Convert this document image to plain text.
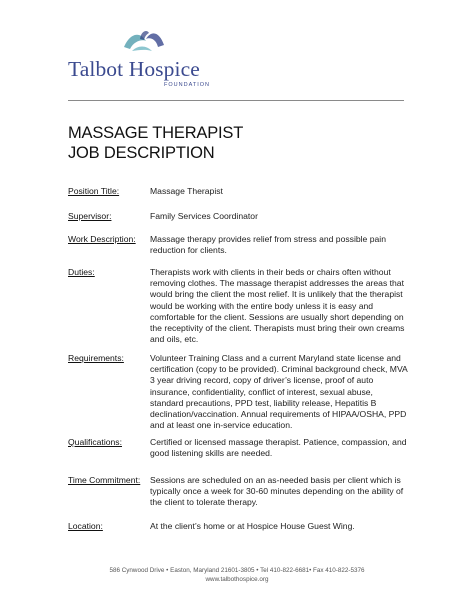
Talbot Hospice
FOUNDATION
MASSAGE THERAPIST
JOB DESCRIPTION
Position Title:	Massage Therapist
Supervisor:	Family Services Coordinator
Work Description:	Massage therapy provides relief from stress and possible pain reduction for clients.
Duties:	Therapists work with clients in their beds or chairs often without removing clothes. The massage therapist addresses the areas that would bring the client the most relief. It is unlikely that the therapist would be working with the entire body unless it is easy and comfortable for the client. Sessions are usually short depending on the receptivity of the client. Therapists must bring their own creams and oils, etc.
Requirements:	Volunteer Training Class and a current Maryland state license and certification (copy to be provided). Criminal background check, MVA 3 year driving record, copy of driver’s license, proof of auto insurance, confidentiality, conflict of interest, sexual abuse, standard precautions, PPD test, liability release, Hepatitis B declination/vaccination. Annual requirements of HIPAA/OSHA, PPD and at least one in-service education.
Qualifications:	Certified or licensed massage therapist. Patience, compassion, and good listening skills are needed.
Time Commitment:	Sessions are scheduled on an as-needed basis per client which is typically once a week for 30-60 minutes depending on the ability of the client to tolerate therapy.
Location:	At the client’s home or at Hospice House Guest Wing.
586 Cynwood Drive • Easton, Maryland 21601-3805 • Tel 410-822-6681• Fax 410-822-5376
www.talbothospice.org
